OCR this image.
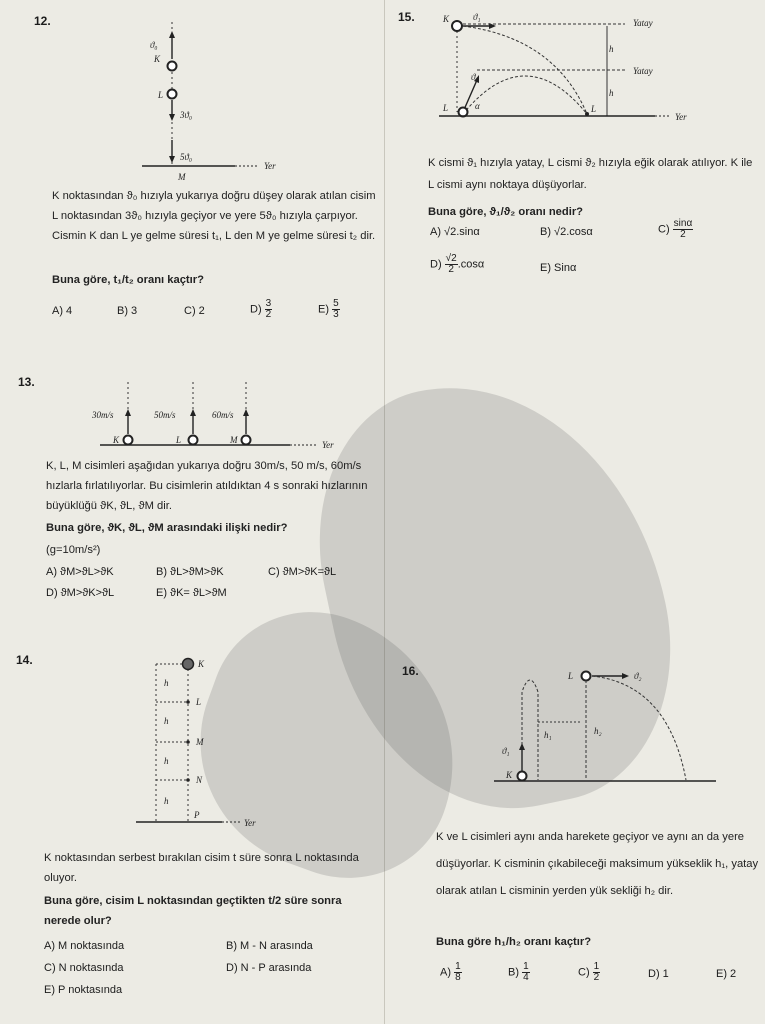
12.
ϑ₀
K
L
3ϑ₀
5ϑ₀
M
Yer
K noktasından ϑ₀ hızıyla yukarıya doğru düşey olarak atılan cisim L noktasından 3ϑ₀ hızıyla geçiyor ve yere 5ϑ₀ hızıyla çarpıyor. Cismin K dan L ye gelme süresi t₁, L den M ye gelme süresi t₂ dir.
Buna göre, t₁/t₂ oranı kaçtır?
A) 4	B) 3	C) 2	$D) \frac{3}{2}$	$E) \frac{5}{3}$
13.
30m/s	50m/s	60m/s
K	L	M	Yer
K, L, M cisimleri aşağıdan yukarıya doğru 30m/s, 50 m/s, 60m/s hızlarla fırlatılıyorlar. Bu cisimlerin atıldıktan 4 s sonraki hızlarının büyüklüğü ϑK, ϑL, ϑM dir.
Buna göre, ϑK, ϑL, ϑM arasındaki ilişki nedir?
(g=10m/s²)
A) ϑM>ϑL>ϑK	B) ϑL>ϑM>ϑK	C) ϑM>ϑK=ϑL
D) ϑM>ϑK>ϑL	E) ϑK= ϑL>ϑM
14.	K
L
M
N
h
h
h
h
P
Yer
K noktasından serbest bırakılan cisim t süre sonra L noktasında oluyor.
Buna göre, cisim L noktasından geçtikten t/2 süre sonra nerede olur?
A) M noktasında	B) M - N arasında
C) N noktasında	D) N - P arasında
E) P noktasında
15.	K	ϑ₁
Yatay
Yatay
ϑ₂
α
L	L
h
h
Yer
K cismi ϑ₁ hızıyla yatay, L cismi ϑ₂ hızıyla eğik olarak atılıyor. K ile L cismi aynı noktaya düşüyorlar.
Buna göre, ϑ₁/ϑ₂ oranı nedir?
A) √2.sinα	B) √2.cosα	$C) \frac{\sin\alpha}{2}$
$D) \frac{√2}{2} .\cos\alpha$	E) Sinα
16.
ϑ₁
K
h₁
L	ϑ₂
h₂
K ve L cisimleri aynı anda harekete geçiyor ve aynı an da yere düşüyorlar. K cisminin çıkabileceği maksimum yükseklik h₁, yatay olarak atılan L cisminin yerden yük sekliği h₂ dir.
Buna göre h₁/h₂ oranı kaçtır?
$A) \frac{1}{8}$	$B) \frac{1}{4}$	$C) \frac{1}{2}$	D) 1	E) 2
